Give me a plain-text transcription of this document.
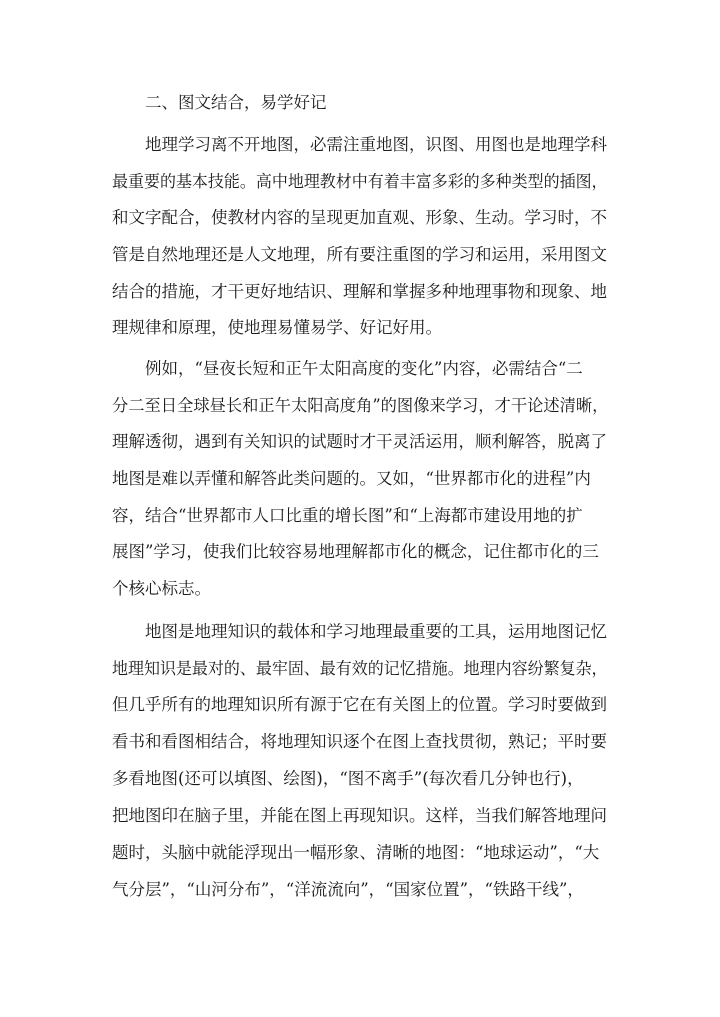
二、图文结合，易学好记
地理学习离不开地图，必需注重地图，识图、用图也是地理学科
最重要的基本技能。高中地理教材中有着丰富多彩的多种类型的插图，
和文字配合，使教材内容的呈现更加直观、形象、生动。学习时，不
管是自然地理还是人文地理，所有要注重图的学习和运用，采用图文
结合的措施，才干更好地结识、理解和掌握多种地理事物和现象、地
理规律和原理，使地理易懂易学、好记好用。
例如，“昼夜长短和正午太阳高度的变化”内容，必需结合“二
分二至日全球昼长和正午太阳高度角”的图像来学习，才干论述清晰，
理解透彻，遇到有关知识的试题时才干灵活运用，顺利解答，脱离了
地图是难以弄懂和解答此类问题的。又如，“世界都市化的进程”内
容，结合“世界都市人口比重的增长图”和“上海都市建设用地的扩
展图”学习，使我们比较容易地理解都市化的概念，记住都市化的三
个核心标志。
地图是地理知识的载体和学习地理最重要的工具，运用地图记忆
地理知识是最对的、最牢固、最有效的记忆措施。地理内容纷繁复杂，
但几乎所有的地理知识所有源于它在有关图上的位置。学习时要做到
看书和看图相结合，将地理知识逐个在图上查找贯彻，熟记；平时要
多看地图(还可以填图、绘图)，“图不离手”(每次看几分钟也行)，
把地图印在脑子里，并能在图上再现知识。这样，当我们解答地理问
题时，头脑中就能浮现出一幅形象、清晰的地图：“地球运动”，“大
气分层”，“山河分布”，“洋流流向”，“国家位置”，“铁路干线”，
